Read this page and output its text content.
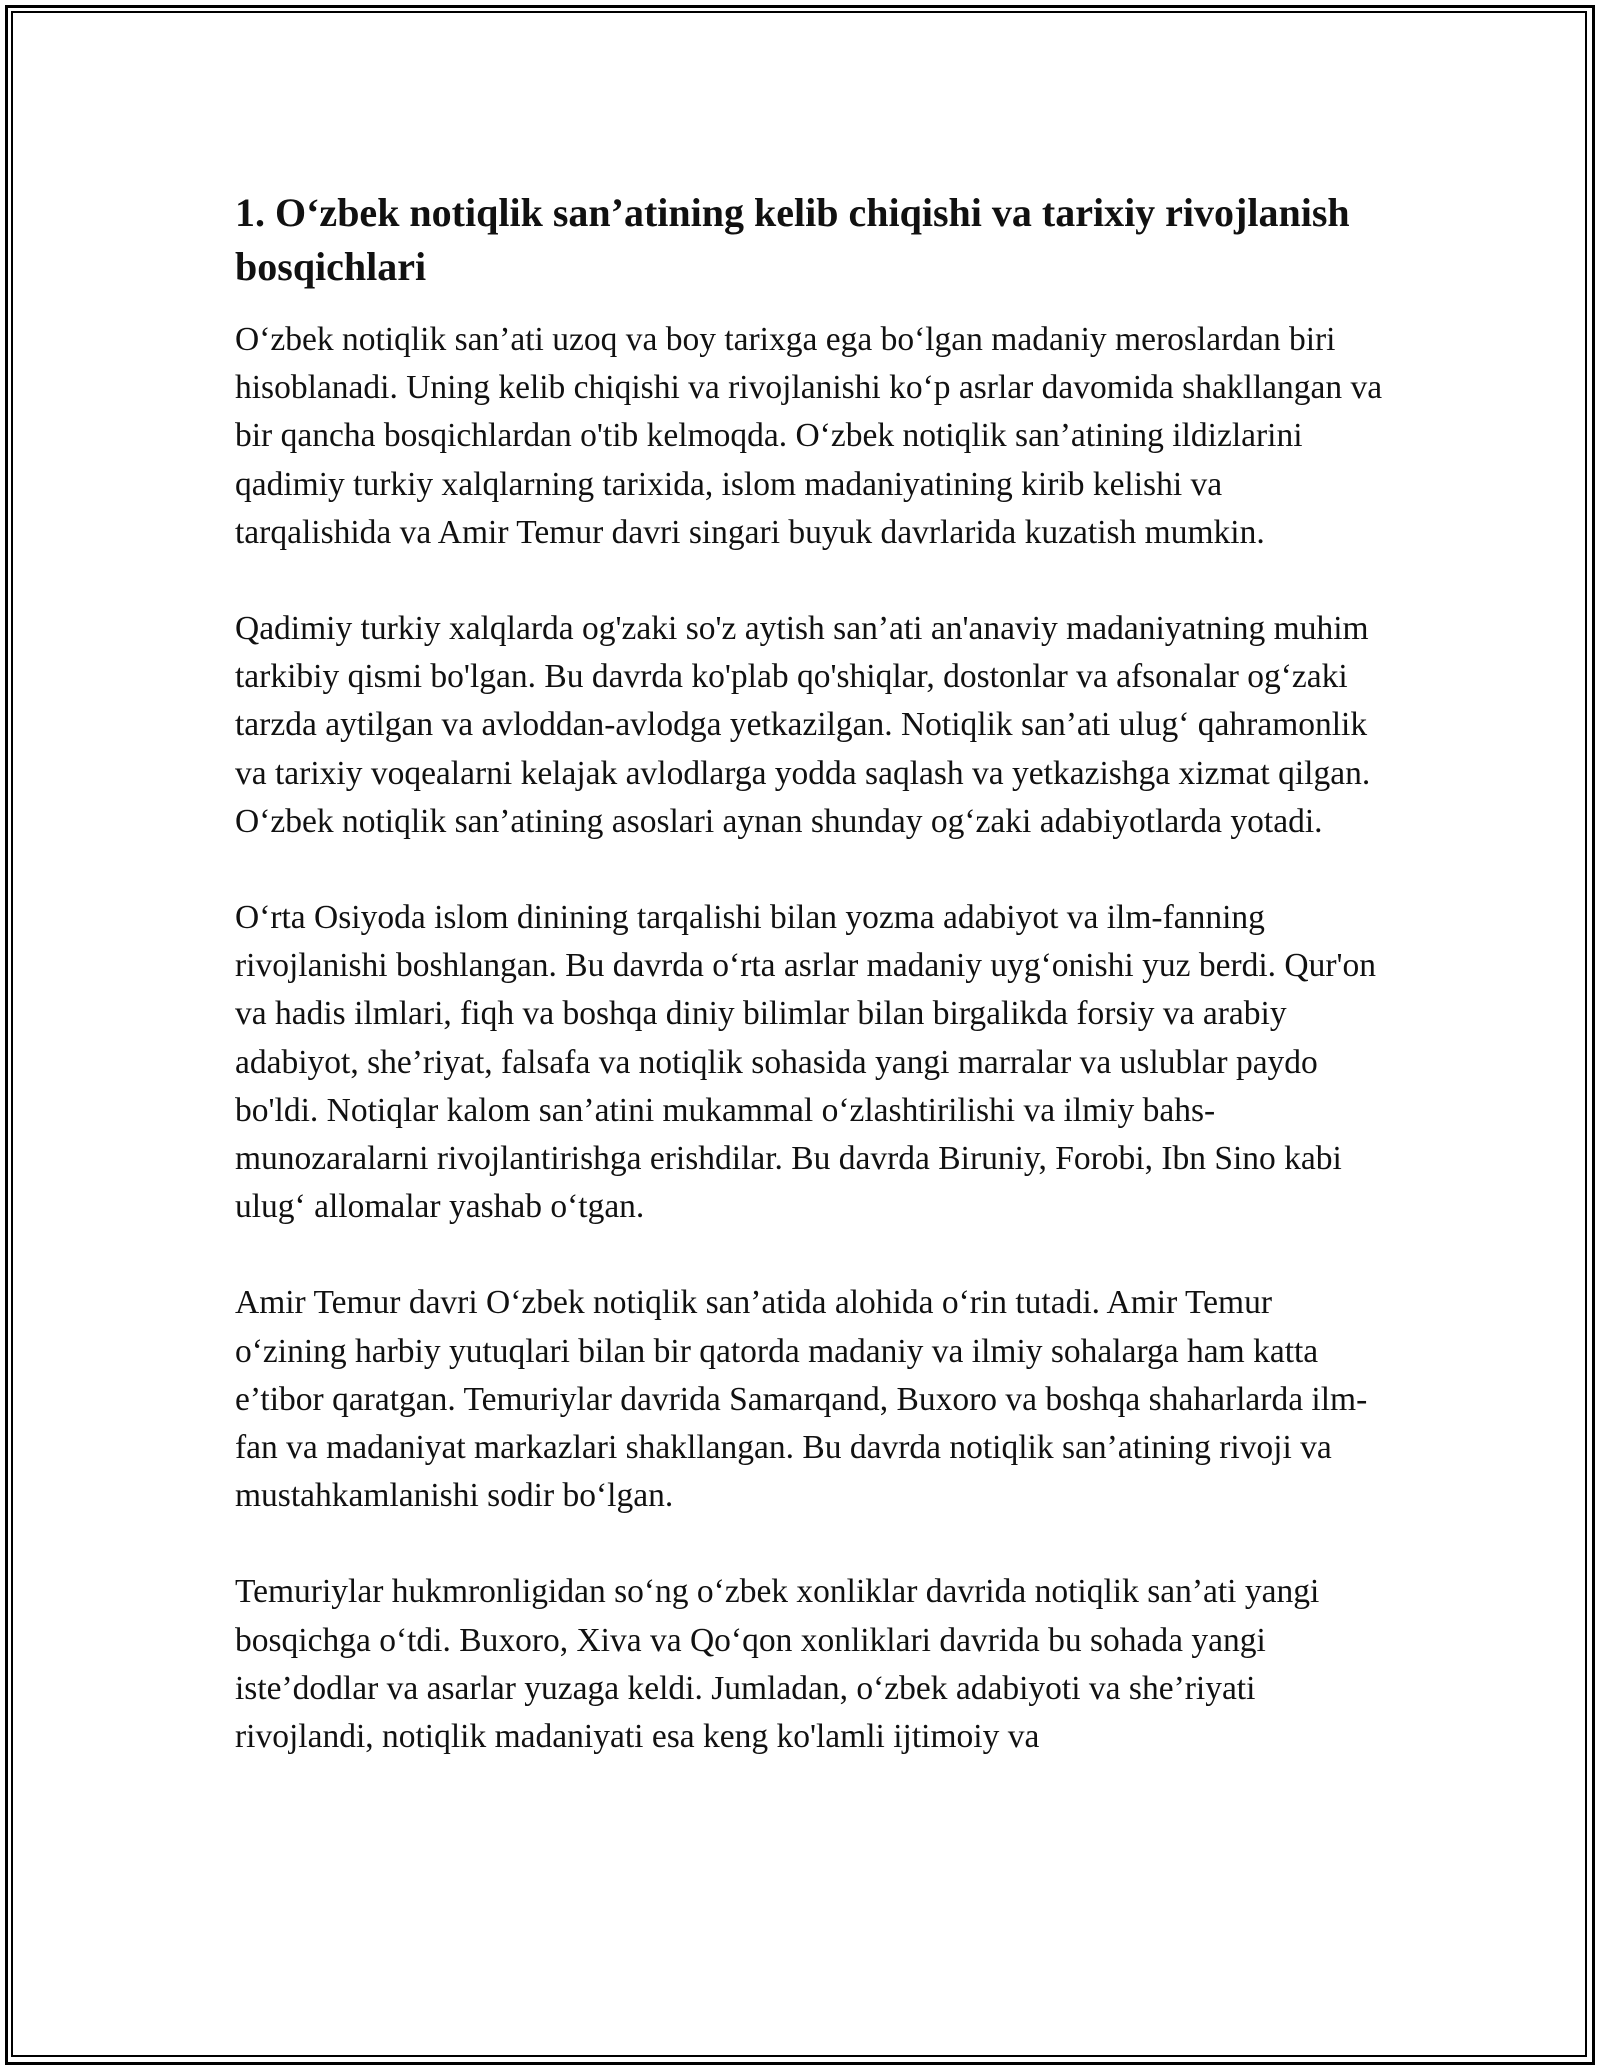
1. O‘zbek notiqlik san’atining kelib chiqishi va tarixiy rivojlanish bosqichlari

O‘zbek notiqlik san’ati uzoq va boy tarixga ega bo‘lgan madaniy meroslardan biri hisoblanadi. Uning kelib chiqishi va rivojlanishi ko‘p asrlar davomida shakllangan va bir qancha bosqichlardan o'tib kelmoqda. O‘zbek notiqlik san’atining ildizlarini qadimiy turkiy xalqlarning tarixida, islom madaniyatining kirib kelishi va tarqalishida va Amir Temur davri singari buyuk davrlarida kuzatish mumkin.

Qadimiy turkiy xalqlarda og'zaki so'z aytish san’ati an'anaviy madaniyatning muhim tarkibiy qismi bo'lgan. Bu davrda ko'plab qo'shiqlar, dostonlar va afsonalar og‘zaki tarzda aytilgan va avloddan-avlodga yetkazilgan. Notiqlik san’ati ulug‘ qahramonlik va tarixiy voqealarni kelajak avlodlarga yodda saqlash va yetkazishga xizmat qilgan. O‘zbek notiqlik san’atining asoslari aynan shunday og‘zaki adabiyotlarda yotadi.

O‘rta Osiyoda islom dinining tarqalishi bilan yozma adabiyot va ilm-fanning rivojlanishi boshlangan. Bu davrda o‘rta asrlar madaniy uyg‘onishi yuz berdi. Qur'on va hadis ilmlari, fiqh va boshqa diniy bilimlar bilan birgalikda forsiy va arabiy adabiyot, she’riyat, falsafa va notiqlik sohasida yangi marralar va uslublar paydo bo'ldi. Notiqlar kalom san’atini mukammal o‘zlashtirilishi va ilmiy bahs-munozaralarni rivojlantirishga erishdilar. Bu davrda Biruniy, Forobi, Ibn Sino kabi ulug‘ allomalar yashab o‘tgan.

Amir Temur davri O‘zbek notiqlik san’atida alohida o‘rin tutadi. Amir Temur o‘zining harbiy yutuqlari bilan bir qatorda madaniy va ilmiy sohalarga ham katta e’tibor qaratgan. Temuriylar davrida Samarqand, Buxoro va boshqa shaharlarda ilm-fan va madaniyat markazlari shakllangan. Bu davrda notiqlik san’atining rivoji va mustahkamlanishi sodir bo‘lgan.

Temuriylar hukmronligidan so‘ng o‘zbek xonliklar davrida notiqlik san’ati yangi bosqichga o‘tdi. Buxoro, Xiva va Qo‘qon xonliklari davrida bu sohada yangi iste’dodlar va asarlar yuzaga keldi. Jumladan, o‘zbek adabiyoti va she’riyati rivojlandi, notiqlik madaniyati esa keng ko'lamli ijtimoiy va
